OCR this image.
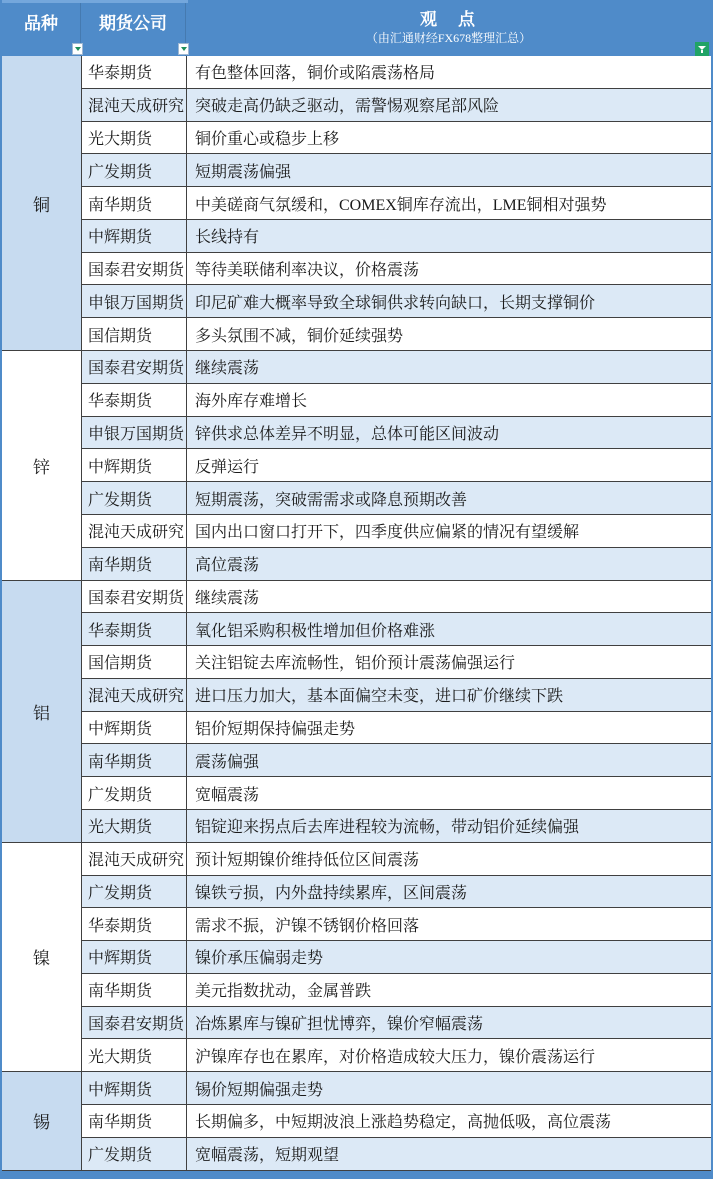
品种 期货公司	观　点
（由汇通财经FX678整理汇总）
铜
华泰期货	有色整体回落，铜价或陷震荡格局
混沌天成研究 突破走高仍缺乏驱动，需警惕观察尾部风险
光大期货	铜价重心或稳步上移
广发期货	短期震荡偏强
南华期货	中美磋商气氛缓和，COMEX铜库存流出，LME铜相对强势
中辉期货	长线持有
国泰君安期货 等待美联储利率决议，价格震荡
申银万国期货 印尼矿难大概率导致全球铜供求转向缺口，长期支撑铜价
国信期货	多头氛围不减，铜价延续强势
锌
国泰君安期货 继续震荡
华泰期货	海外库存难增长
申银万国期货 锌供求总体差异不明显，总体可能区间波动
中辉期货	反弹运行
广发期货	短期震荡，突破需需求或降息预期改善
混沌天成研究 国内出口窗口打开下，四季度供应偏紧的情况有望缓解
南华期货	高位震荡
铝
国泰君安期货 继续震荡
华泰期货	氧化铝采购积极性增加但价格难涨
国信期货	关注铝锭去库流畅性，铝价预计震荡偏强运行
混沌天成研究 进口压力加大，基本面偏空未变，进口矿价继续下跌
中辉期货	铝价短期保持偏强走势
南华期货	震荡偏强
广发期货	宽幅震荡
光大期货	铝锭迎来拐点后去库进程较为流畅，带动铝价延续偏强
镍
混沌天成研究 预计短期镍价维持低位区间震荡
广发期货	镍铁亏损，内外盘持续累库，区间震荡
华泰期货	需求不振，沪镍不锈钢价格回落
中辉期货	镍价承压偏弱走势
南华期货	美元指数扰动，金属普跌
国泰君安期货 冶炼累库与镍矿担忧博弈，镍价窄幅震荡
光大期货	沪镍库存也在累库，对价格造成较大压力，镍价震荡运行
锡
中辉期货	锡价短期偏强走势
南华期货	长期偏多，中短期波浪上涨趋势稳定，高抛低吸，高位震荡
广发期货	宽幅震荡，短期观望
